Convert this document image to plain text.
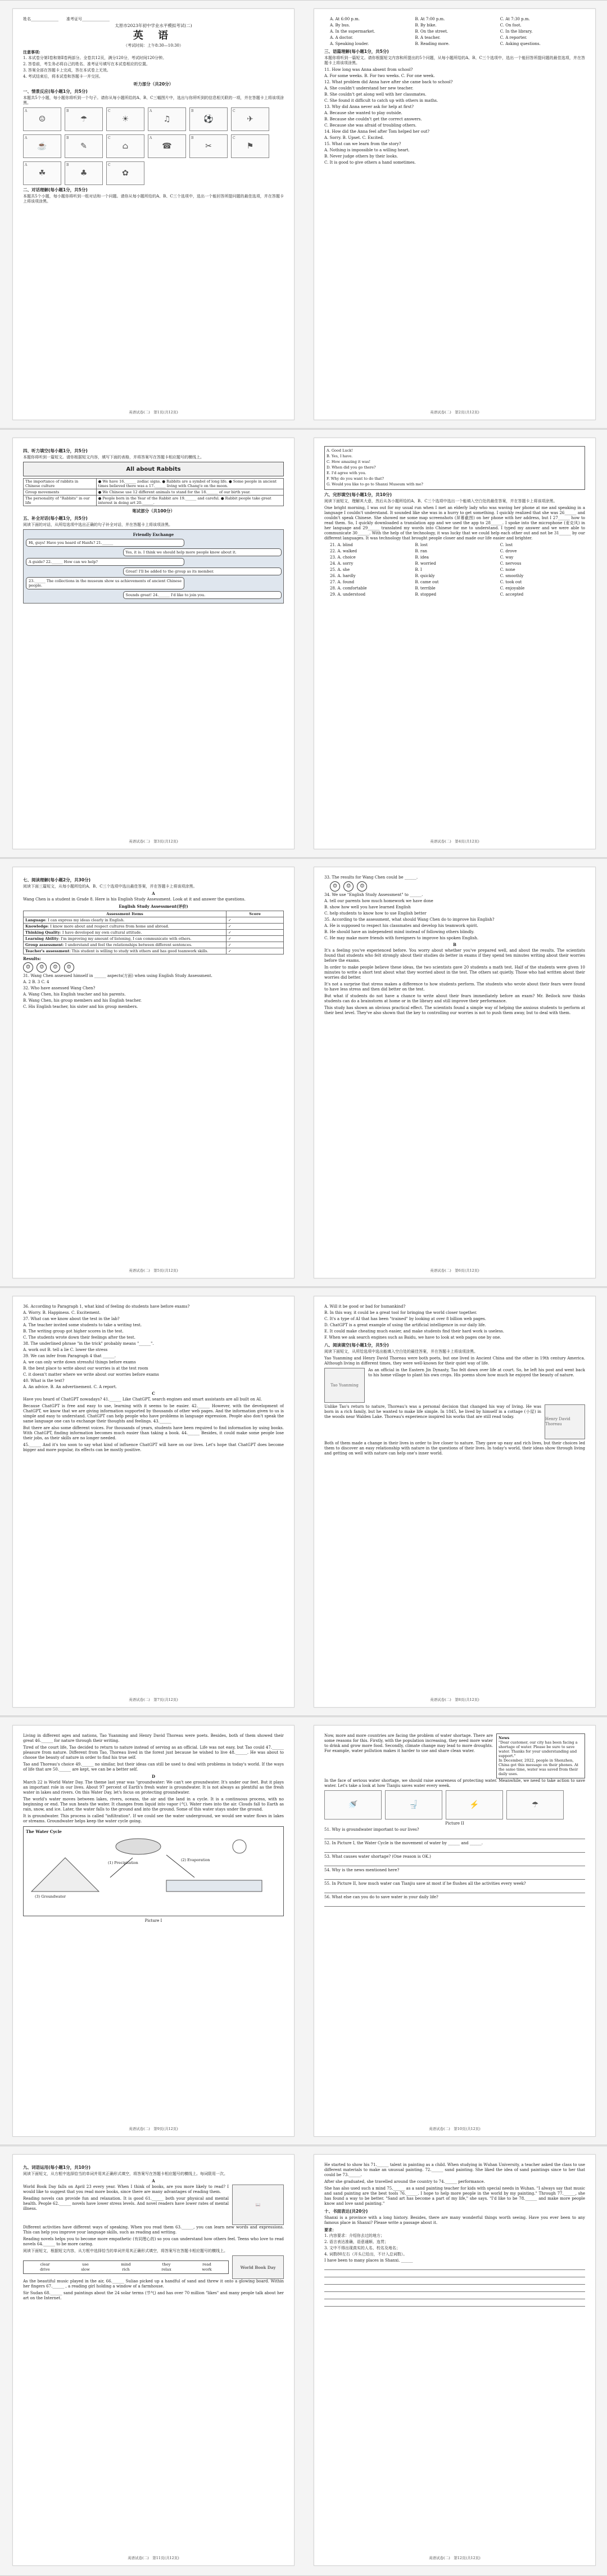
姓名______________　　准考证号______________
太原市2023年初中学业水平模拟考试(二)
英 语
（考试时间：上午8:30—10:30）
注意事项:
1. 本试卷分第Ⅰ卷和第Ⅱ卷两部分。全卷共12页，满分120分，考试时间120分钟。
2. 答卷前，考生务必将自己的姓名、准考证号填写在本试卷相应的位置。
3. 答案全部在答题卡上完成，答在本试卷上无效。
4. 考试结束后，将本试卷和答题卡一并交回。
听力部分（共20分）
一、情景反应(每小题1分，共5分)
本题共5个小题，每小题你将听到一个句子。请你从每小题所给的A、B、C三幅图片中，选出与你所听到的信息相关联的一项，并在答题卡上将该项涂黑。
A
☺
B
☂
C
☀
A
♫
B
⚽
C
✈
A
☕
B
✎
C
⌂
A
☎
B
✂
C
⚑
A
☘
B
♣
C
✿
二、对话理解(每小题1分，共5分)
本题共5个小题，每小题你将听到一组对话和一个问题。请你从每小题所给的A、B、C三个选项中，选出一个能回答所提问题的最佳选项，并在答题卡上将该项涂黑。
英语试卷(二)　第1页(共12页)
A. At 6:00 p.m.	B. At 7:00 p.m.	C. At 7:30 p.m.
A. By bus.	B. By bike.	C. On foot.
A. In the supermarket.	B. On the street.	C. In the library.
A. A doctor.	B. A teacher.	C. A reporter.
A. Speaking louder.	B. Reading more.	C. Asking questions.
三、语篇理解(每小题1分，共5分)
本题你将听到一篇短文。请你根据短文内容和所提出的5个问题，从每小题所给的A、B、C三个选项中，选出一个能回答所提问题的最佳选项，并在答题卡上将该项涂黑。
11. How long was Anna absent from school?
A. For some weeks. B. For two weeks. C. For one week.
12. What problem did Anna have after she came back to school?
A. She couldn't understand her new teacher.
B. She couldn't get along well with her classmates.
C. She found it difficult to catch up with others in maths.
13. Why did Anna never ask for help at first?
A. Because she wanted to play outside.
B. Because she couldn't get the correct answers.
C. Because she was afraid of troubling others.
14. How did the Anna feel after Tom helped her out?
A. Sorry. B. Upset. C. Excited.
15. What can we learn from the story?
A. Nothing is impossible to a willing heart.
B. Never judge others by their looks.
C. It is good to give others a hand sometimes.
英语试卷(二)　第2页(共12页)
四、听力填空(每小题1分，共5分)
本题你将听到一篇短文。请你根据短文内容，填写下面的表格，并将答案写在答题卡相应题号的横线上。
All about Rabbits
The importance of rabbits in Chinese culture	● We have 16.______ zodiac signs. ● Rabbits are a symbol of long life. ● Some people in ancient times believed there was a 17.______ living with Chang'e on the moon.
Group movements	● We Chinese use 12 different animals to stand for the 18.______ of our birth year.
The personality of "Rabbits" in our life	● People born in the Year of the Rabbit are 19.______ and careful. ● Rabbit people take great interest in doing art 20.______.
笔试部分（共100分）
五、补全对话(每小题1分，共5分)
阅读下面的对话，从所给选项中选出正确的句子补全对话，并在答题卡上将该项涂黑。
Friendly Exchange
Hi, guys! Have you heard of Hanfu? 21.______
Yes, it is. I think we should help more people know about it.
A guide? 22.______ How can we help?
Great! I'll be added to the group as its member.
23.______ The collections in the museum show us achievements of ancient Chinese people.
Sounds great! 24.______ I'd like to join you.
英语试卷(二)　第3页(共12页)
A. Good Luck!
B. Yes, I have.
C. How amazing it was!
D. When did you go there?
E. I'd agree with you.
F. Why do you want to do that?
G. Would you like to go to Shanxi Museum with me?
六、完形填空(每小题1分，共10分)
阅读下面短文，理解其大意，然后从各小题所给的A、B、C三个选项中选出一个能填入空白处的最佳答案，并在答题卡上将该项涂黑。
One bright morning, I was out for my usual run when I met an elderly lady who was waving her phone at me and speaking in a language I couldn't understand. It sounded like she was in a hurry to get something. I quickly realized that she was 26______ and couldn't speak Chinese. She showed me some map screenshots (屏幕截图) on her phone with her address, but I 27______ how to read them. So, I quickly downloaded a translation app and we used the app to 28______. I spoke into the microphone (麦克风) in her language and 29______ translated my words into Chinese for me to understand. I typed my answer and we were able to communicate 30______. With the help of the technology, it was lucky that we could help each other out and not be 31______ by our different languages. It was technology that brought people closer and made our life easier and brighter.
21. A. blind	B. lost	C. lost
22. A. walked	B. ran	C. drove
23. A. choice	B. idea	C. way
24. A. sorry	B. worried	C. nervous
25. A. she	B. I	C. none
26. A. hardly	B. quickly	C. smoothly
27. A. found	B. came out	C. took out
28. A. comfortable	B. terrible	C. enjoyable
29. A. understood	B. stopped	C. accepted
英语试卷(二)　第4页(共12页)
七、阅读理解(每小题2分，共30分)
阅读下面三篇短文，从每小题所给的A、B、C三个选项中选出最佳答案，并在答题卡上将该项涂黑。
A
Wang Chen is a student in Grade 8. Here is his English Study Assessment. Look at it and answer the questions.
English Study Assessment(评价)
Assessment Items	Score
Language: I can express my ideas clearly in English.	✓
Knowledge: I know more about and respect cultures from home and abroad.	✓
Thinking Quality: I have developed my own cultural attitude.	✓
Learning Ability: I'm improving my amount of listening, I can communicate with others.	✓
Group assessment: I understand and feel the relationships between different sentences.	✓
Teacher's assessment: This student is willing to study with others and has good teamwork skills.	✓
Results:
☺ ☺ ☺ ☹
31. Wang Chen assessed himself in ______ aspects(方面) when using English Study Assessment.
A. 2 B. 3 C. 4
32. Who have assessed Wang Chen?
A. Wang Chen, his English teacher and his parents.
B. Wang Chen, his group members and his English teacher.
C. His English teacher, his sister and his group members.
英语试卷(二)　第5页(共12页)
33. The results for Wang Chen could be ______.
☺ ☺ ☺
34. We use "English Study Assessment" to ______.
A. tell our parents how much homework we have done
B. show how well you have learned English
C. help students to know how to use English better
35. According to the assessment, what should Wang Chen do to improve his English?
A. He is supposed to respect his classmates and develop his teamwork spirit.
B. He should have an independent mind instead of following others blindly.
C. He may make more friends with foreigners to improve his spoken English.
B
It's a feeling you've experienced before. You worry about whether you've prepared well, and about the results. The scientists found that students who felt strongly about their studies do better in exams if they spend ten minutes writing about their worries before the exams.
In order to make people believe these ideas, the two scientists gave 20 students a math test. Half of the students were given 10 minutes to write a short text about what they worried about in the test. The others sat quietly. Those who had written about their worries did better.
It's not a surprise that stress makes a difference to how students perform. The students who wrote about their fears were found to have less stress and then did better on the test.
But what if students do not have a chance to write about their fears immediately before an exam? Mr. Beilock now thinks students can do a brainstorm at home or in the library and still improve their performance.
This study has shown an obvious practical effect. The scientists found a simple way of helping the anxious students to perform at their best level. They've also shown that the key to controlling our worries is not to push them away, but to deal with them.
英语试卷(二)　第6页(共12页)
36. According to Paragraph 1, what kind of feeling do students have before exams?
A. Worry. B. Happiness. C. Excitement.
37. What can we know about the test in the lab?
A. The teacher invited some students to take a writing test.
B. The writing group got higher scores in the test.
C. The students wrote down their feelings after the test.
38. The underlined phrase "in the trick" probably means "______".
A. work out B. tell a lie C. lower the stress
39. We can infer from Paragraph 4 that ______.
A. we can only write down stressful things before exams
B. the best place to write about our worries is at the test room
C. it doesn't matter where we write about our worries before exams
40. What is the text?
A. An advice. B. An advertisement. C. A report.
C
Have you heard of ChatGPT nowadays? 41.______ Like ChatGPT, search engines and smart assistants are all built on AI.
Because ChatGPT is free and easy to use, learning with it seems to be easier. 42.______ However, with the development of ChatGPT, we know that we are giving information supported by thousands of other web pages. And the information given to us is simple and easy to understand. ChatGPT can help people who have problems in language expression. People also don't speak the same language one can to exchange their thoughts and feelings. 43.______
But there are also some different voices. For thousands of years, students have been required to find information by using books. With ChatGPT, finding information becomes much easier than taking a book. 44.______ Besides, it could make some people lose their jobs, as their skills are no longer needed.
45.______ And it's too soon to say what kind of influence ChatGPT will have on our lives. Let's hope that ChatGPT does become bigger and more popular, its effects can be mostly positive.
英语试卷(二)　第7页(共12页)
A. Will it be good or bad for humankind?
B. In this way, it could be a great tool for bringing the world closer together.
C. It's a type of AI that has been "trained" by looking at over 8 billion web pages.
D. ChatGPT is a great example of using the artificial intelligence in our daily life.
E. It could make cheating much easier, and make students find their hard work is useless.
F. When we ask search engines such as Baidu, we have to look at web pages one by one.
八、阅读填空(每小题1分，共5分)
阅读下面短文，从所给选项中选出能填入空白处的最佳答案，并在答题卡上将该项涂黑。
Yao Yuanming and Henry David Thoreau were both poets, but one lived in Ancient China and the other in 19th century America. Although living in different times, they were well-known for their quiet way of life.
Tao Yuanming
As an official in the Eastern Jin Dynasty, Tao felt down over life at court. So, he left his post and went back to his home village to plant his own crops. His poems show how much he enjoyed the beauty of nature.
Unlike Tao's return to nature, Thoreau's was a personal decision that changed his way of living. He was born in a rich family, but he wanted to make life simple. In 1845, he lived by himself in a cottage (小屋) in the woods near Walden Lake. Thoreau's experience inspired his works that are still read today.	Henry David Thoreau
Both of them made a change in their lives in order to live closer to nature. They gave up easy and rich lives, but their choices led them to discover an easy relationship with nature in the questions of their lives. In today's world, their ideas show through living and getting on well with nature can help one's inner world.
英语试卷(二)　第8页(共12页)
Living in different ages and nations, Tao Yuanming and Henry David Thoreau were poets. Besides, both of them showed their great 46.______ for nature through their writing.
Tired of the court life, Tao decided to return to nature instead of serving as an official. Life was not easy, but Tao could 47.______ pleasure from nature. Different from Tao, Thoreau lived in the forest just because he wished to live 48.______. He was about to choose the beauty of nature in order to find his true self.
Tao and Thoreau's choice 49.______ no similar, but their ideas can still be used to deal with problems in today's world. If the ways of life that are 50.______ are kept, we can be a better self.
D
March 22 is World Water Day. The theme last year was "groundwater: We can't see groundwater. It's under our feet. But it plays an important role in our lives. About 97 percent of Earth's fresh water is groundwater. It is not always as plentiful as the fresh water in lakes and rivers. On this Water Day, let's focus on protecting groundwater.
The world's water moves between lakes, rivers, oceans, the air and the land in a cycle. It is a continuous process, with no beginning or end. The sun heats the water. It changes from liquid into vapor (气). Water rises into the air. Clouds fall to Earth as rain, snow, and ice. Later, the water falls to the ground and into the ground. Some of this water stays under the ground.
It is groundwater. This process is called "infiltration". If we could see the water underground, we would see water flows in lakes or streams. Groundwater helps keep the water cycle going.
The Water Cycle
(1) Precipitation
(2) Evaporation
(3) Groundwater
Picture I
英语试卷(二)　第9页(共12页)
Now, more and more countries are facing the problem of water shortage. There are some reasons for this. Firstly, with the population increasing, they need more water to drink and grow more food. Secondly, climate change may lead to more droughts. For example, water pollution makes it harder to use and share clean water.
News
"Dear customer, our city has been facing a shortage of water. Please be sure to save water. Thanks for your understanding and support."
In December, 2022, people in Shenzhen, China got this message on their phones. At the same time, water was saved from their daily uses.
In the face of serious water shortage, we should raise awareness of protecting water. Meanwhile, we need to take action to save water. Let's take a look at how Tianjiu saves water every week.
🚿	🚽	⚡	☂
Picture II
51. Why is groundwater important to our lives?
52. In Picture I, the Water Cycle is the movement of water by ______ and ______.
53. What causes water shortage? (One reason is OK.)
54. Why is the news mentioned here?
55. In Picture II, how much water can Tianjiu save at most if he flushes all the activities every week?
56. What else can you do to save water in your daily life?
英语试卷(二)　第10页(共12页)
九、词语运用(每小题1分，共10分)
阅读下面短文，从方框中选择恰当的单词并用其正确形式填空，将答案写在答题卡相应题号的横线上。每词限用一次。
A
World Book Day falls on April 23 every year. When I think of books, are you more likely to read? I would like to suggest that you read more books, since there are many advantages of reading them.
Reading novels can provide fun and relaxation. It is good 61.______ both your physical and mental health. People 62.______ novels have lower stress levels. And novel readers have lower rates of mental illness.
📖
Different activities have different ways of speaking. When you read them 63.______, you can learn new words and expressions. This can help you improve your language skills, such as reading and writing.
Reading novels helps you to become more empathetic (有同理心的) so you can understand how others feel. Teens who love to read novels 64.______ to be more caring.
阅读下面短文，根据短文内容，从方框中选择恰当的单词并用其正确形式填空，将答案写在答题卡相应题号的横线上。
clear	use	mind	they	read
drive	slow	rich	relax	work	World Book Day
As the beautiful music played in the air, 66.______ Suliao picked up a handful of sand and threw it onto a glowing board. Within her fingers 67.______ , a reading girl holding a window of a farmhouse.
Sir Sudan 68.______ sand paintings about the 24 solar terms (节气) and has over 70 million "likes" and many people talk about her art on the Internet.
英语试卷(二)　第11页(共12页)
He started to show his 71.______ talent in painting as a child. When studying in Wuhan University, a teacher asked the class to use different materials to make an unusual painting. 72.______ sand painting. She liked the idea of sand paintings since to her that could be 73.______.
After she graduated, she travelled around the country to 74.______ performance.
She has also used such a mind 75.______ as a sand painting teacher for kids with special needs in Wuhan. "I always say that music and sand painting are the best tools 76.______. I hope to help more people in the world by my painting." Through 77.______, she has found a way to be better. "Sand art has become a part of my life," she says. "I'd like to be 78.______ and make more people know and love sand painting."
十、书面表达(共20分)
Shanxi is a province with a long history. Besides, there are many wonderful things worth seeing. Have you ever been to any famous place in Shanxi? Please write a passage about it.
要求：
1. 内容要求：介绍你去过的地方；
2. 语言表达准确，语意通顺、连贯；
3. 文中不得出现真实的人名、校名及地名；
4. 词数80左右（开头已给出，不计入总词数）。
I have been to many places in Shanxi. ______
英语试卷(二)　第12页(共12页)
